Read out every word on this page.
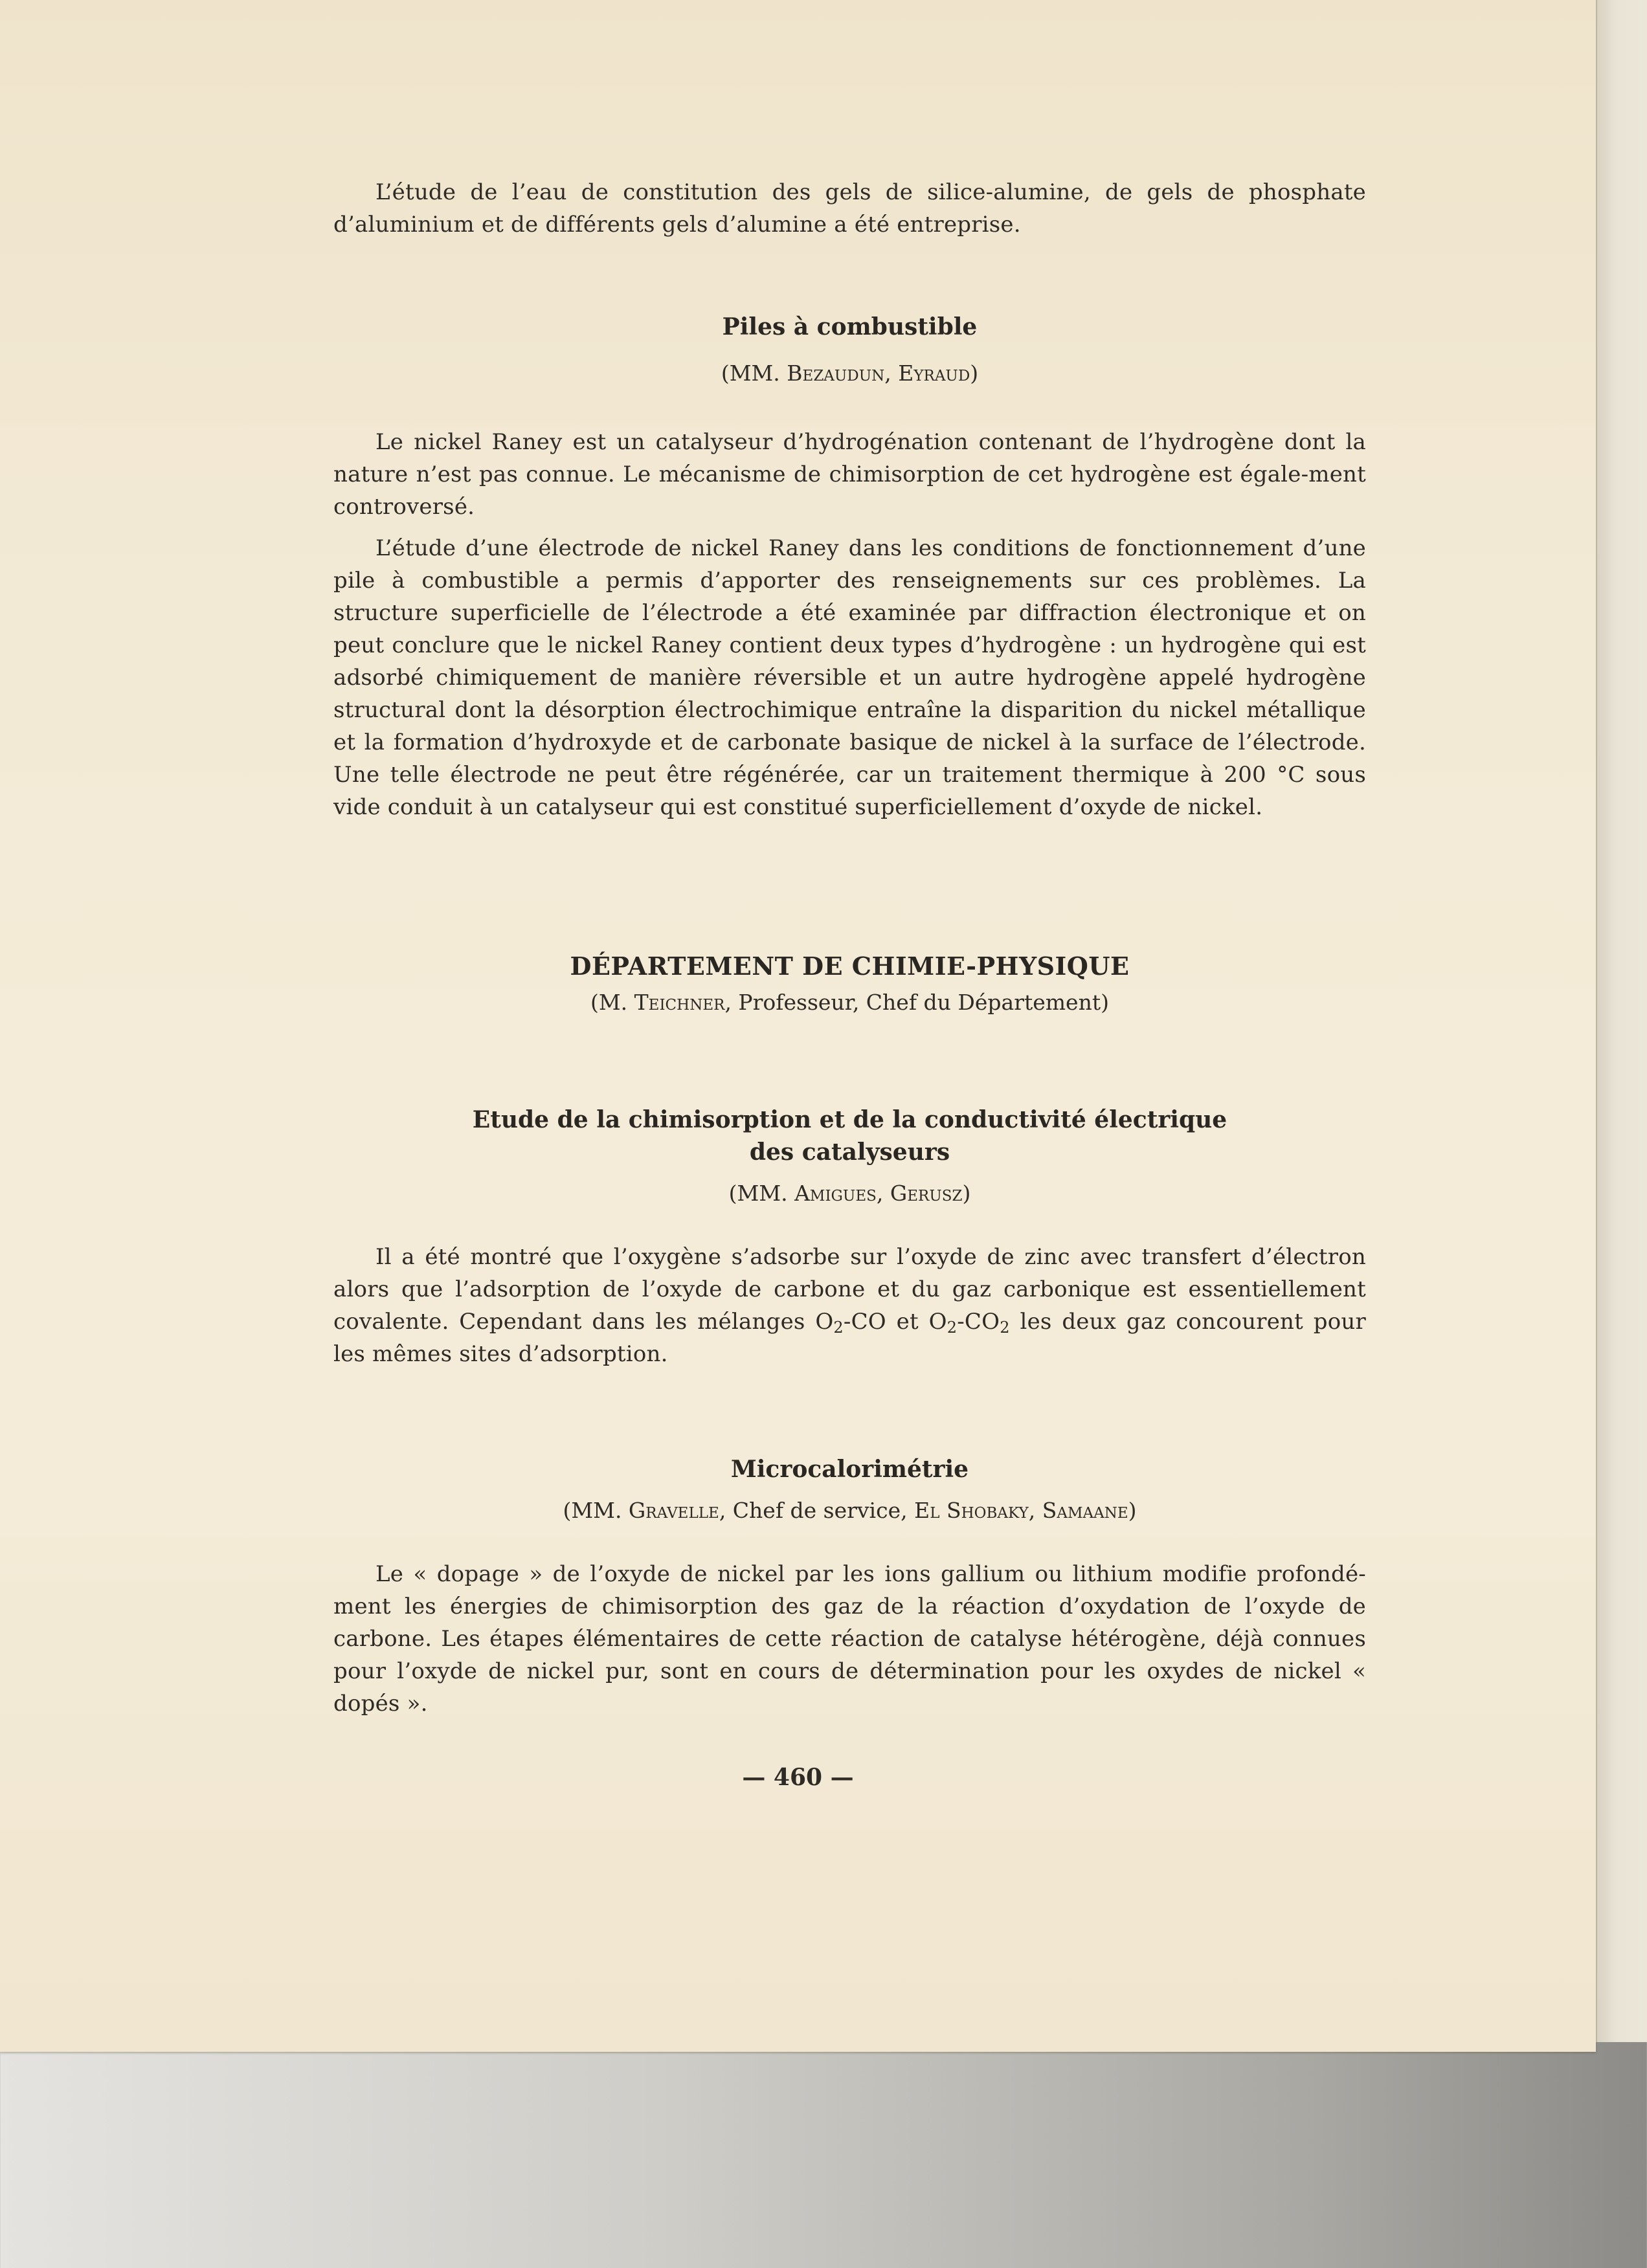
L’étude de l’eau de constitution des gels de silice-alumine, de gels de phosphate d’aluminium et de différents gels d’alumine a été entreprise.

Piles à combustible
(MM. Bezaudun, Eyraud)

Le nickel Raney est un catalyseur d’hydrogénation contenant de l’hydrogène dont la nature n’est pas connue. Le mécanisme de chimisorption de cet hydrogène est égale-ment controversé.

L’étude d’une électrode de nickel Raney dans les conditions de fonctionnement d’une pile à combustible a permis d’apporter des renseignements sur ces problèmes. La structure superficielle de l’électrode a été examinée par diffraction électronique et on peut conclure que le nickel Raney contient deux types d’hydrogène : un hydrogène qui est adsorbé chimiquement de manière réversible et un autre hydrogène appelé hydrogène structural dont la désorption électrochimique entraîne la disparition du nickel métallique et la formation d’hydroxyde et de carbonate basique de nickel à la surface de l’électrode. Une telle électrode ne peut être régénérée, car un traitement thermique à 200 °C sous vide conduit à un catalyseur qui est constitué superficiellement d’oxyde de nickel.

DÉPARTEMENT DE CHIMIE-PHYSIQUE
(M. Teichner, Professeur, Chef du Département)
Etude de la chimisorption et de la conductivité électrique
des catalyseurs
(MM. Amigues, Gerusz)

Il a été montré que l’oxygène s’adsorbe sur l’oxyde de zinc avec transfert d’électron alors que l’adsorption de l’oxyde de carbone et du gaz carbonique est essentiellement covalente. Cependant dans les mélanges $O_2-CO$ et $O_2-CO_2$ les deux gaz concourent pour les mêmes sites d’adsorption.

Microcalorimétrie
(MM. Gravelle, Chef de service, El Shobaky, Samaane)

Le « dopage » de l’oxyde de nickel par les ions gallium ou lithium modifie profondé-ment les énergies de chimisorption des gaz de la réaction d’oxydation de l’oxyde de carbone. Les étapes élémentaires de cette réaction de catalyse hétérogène, déjà connues pour l’oxyde de nickel pur, sont en cours de détermination pour les oxydes de nickel « dopés ».

— 460 —
